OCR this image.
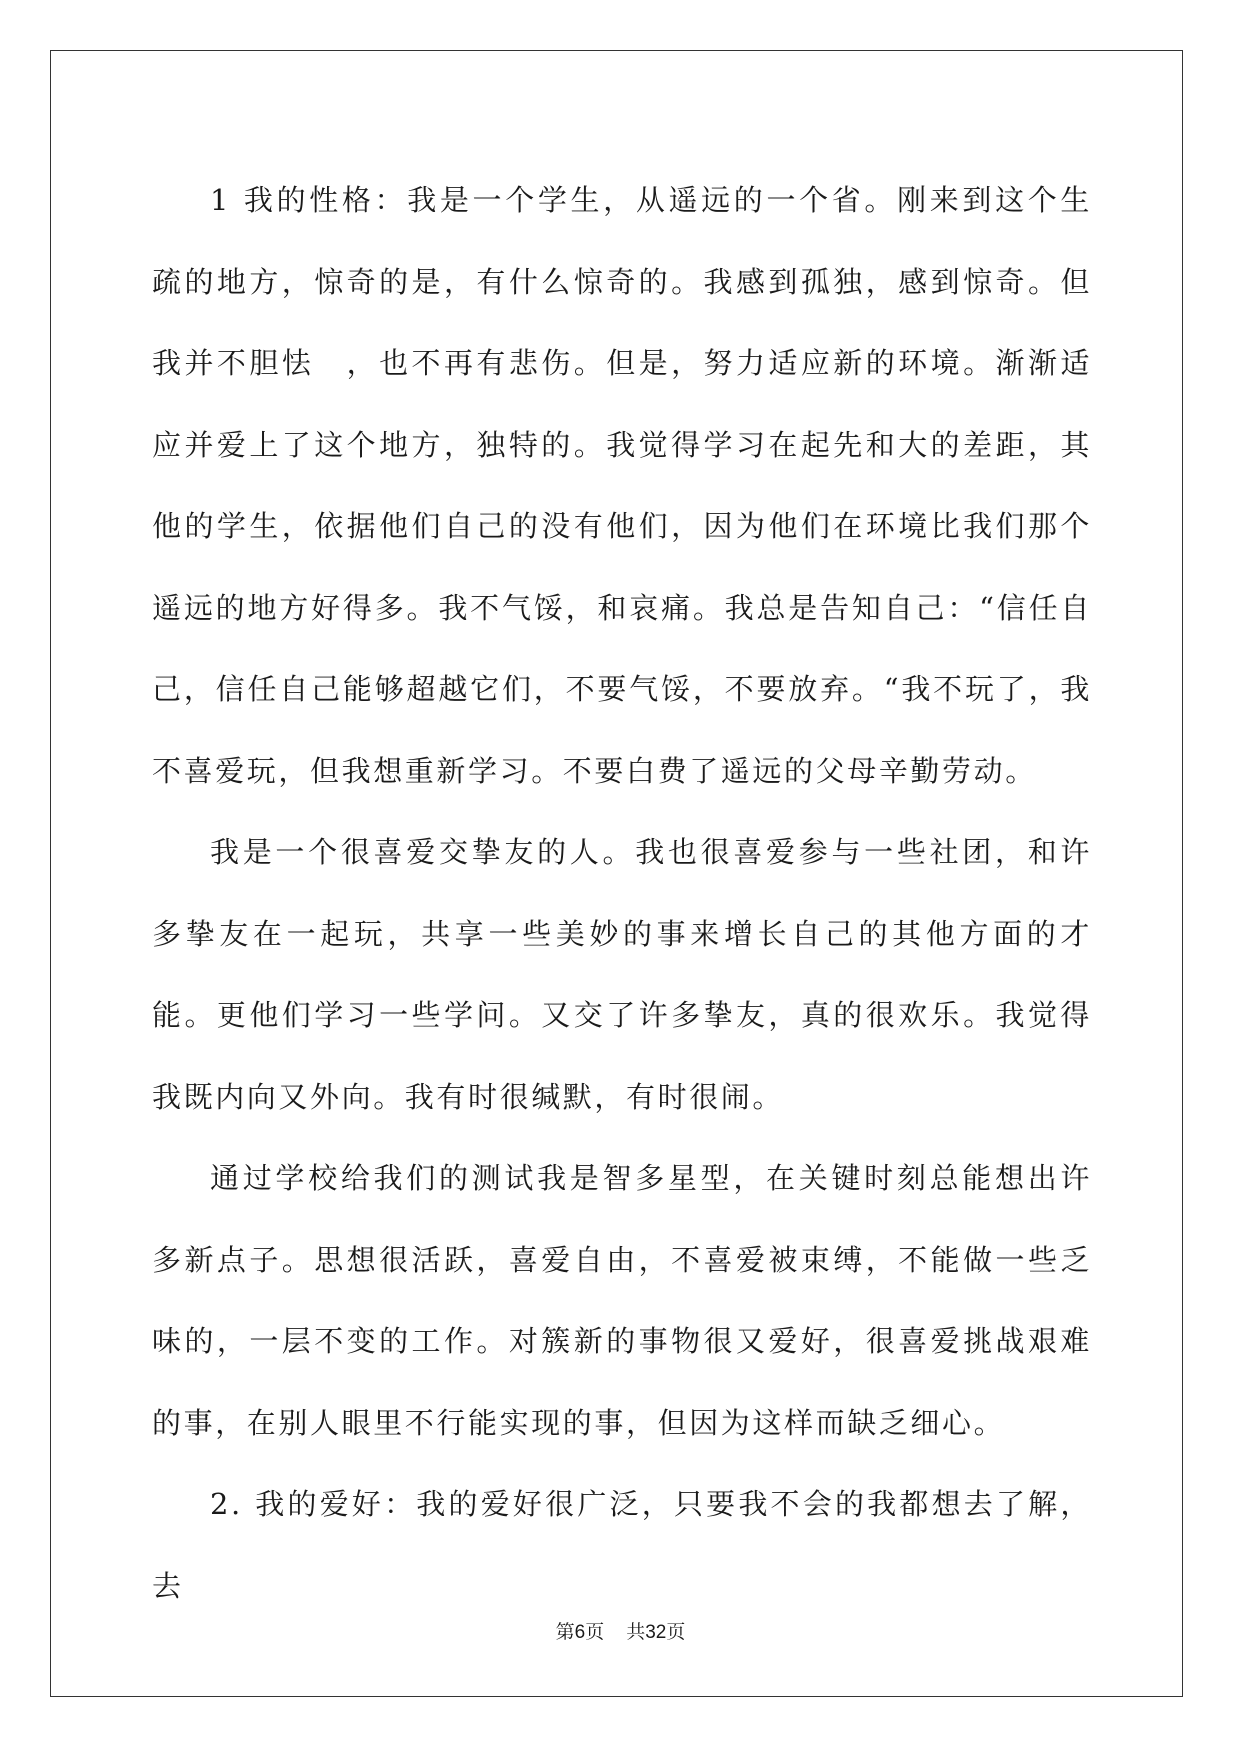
1 我的性格：我是一个学生，从遥远的一个省。刚来到这个生疏的地方，惊奇的是，有什么惊奇的。我感到孤独，感到惊奇。但我并不胆怯　，也不再有悲伤。但是，努力适应新的环境。渐渐适应并爱上了这个地方，独特的。我觉得学习在起先和大的差距，其他的学生，依据他们自己的没有他们，因为他们在环境比我们那个遥远的地方好得多。我不气馁，和哀痛。我总是告知自己：“信任自己，信任自己能够超越它们，不要气馁，不要放弃。“我不玩了，我不喜爱玩，但我想重新学习。不要白费了遥远的父母辛勤劳动。

我是一个很喜爱交挚友的人。我也很喜爱参与一些社团，和许多挚友在一起玩，共享一些美妙的事来增长自己的其他方面的才能。更他们学习一些学问。又交了许多挚友，真的很欢乐。我觉得我既内向又外向。我有时很缄默，有时很闹。

通过学校给我们的测试我是智多星型，在关键时刻总能想出许多新点子。思想很活跃，喜爱自由，不喜爱被束缚，不能做一些乏味的，一层不变的工作。对簇新的事物很又爱好，很喜爱挑战艰难的事，在别人眼里不行能实现的事，但因为这样而缺乏细心。

2. 我的爱好：我的爱好很广泛，只要我不会的我都想去了解，去

第6页 共32页
